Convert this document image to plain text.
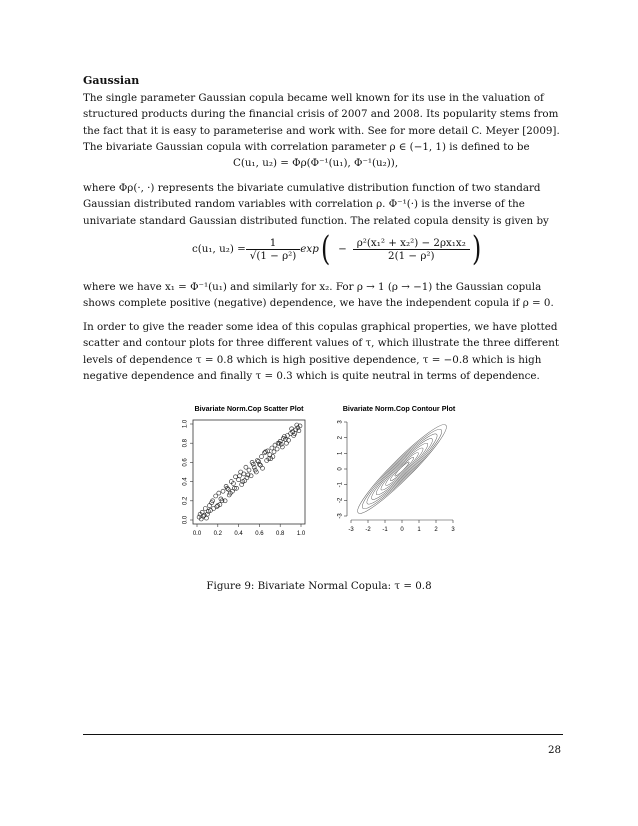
Gaussian
The single parameter Gaussian copula became well known for its use in the valuation of structured products during the financial crisis of 2007 and 2008. Its popularity stems from the fact that it is easy to parameterise and work with. See for more detail C. Meyer [2009]. The bivariate Gaussian copula with correlation parameter ρ ∈ (−1, 1) is defined to be
C(u₁, u₂) = Φρ(Φ⁻¹(u₁), Φ⁻¹(u₂)),
where Φρ(·, ·) represents the bivariate cumulative distribution function of two standard Gaussian distributed random variables with correlation ρ. Φ⁻¹(·) is the inverse of the univariate standard Gaussian distributed function. The related copula density is given by
c(u₁, $u_2) = \frac{1}{\text{√(1 − ρ²)}}$ exp ( − $\frac{\text{ρ²(x₁² + x₂²) − 2ρx₁x₂}}{\text{2(1 − ρ²)}}$ )
where we have x₁ = Φ⁻¹(u₁) and similarly for x₂. For ρ → 1 (ρ → −1) the Gaussian copula shows complete positive (negative) dependence, we have the independent copula if ρ = 0.
In order to give the reader some idea of this copulas graphical properties, we have plotted scatter and contour plots for three different values of τ, which illustrate the three different levels of dependence τ = 0.8 which is high positive dependence, τ = −0.8 which is high negative dependence and finally τ = 0.3 which is quite neutral in terms of dependence.
Bivariate Norm.Cop Scatter Plot
0.0 0.2 0.4 0.6 0.8 1.0
0.0
0.2
0.4
0.6
0.8
1.0
Bivariate Norm.Cop Contour Plot
-3 -2 -1 0 1 2 3
-3
-2
-1
0
1
2
3
Figure 9: Bivariate Normal Copula: τ = 0.8
28
